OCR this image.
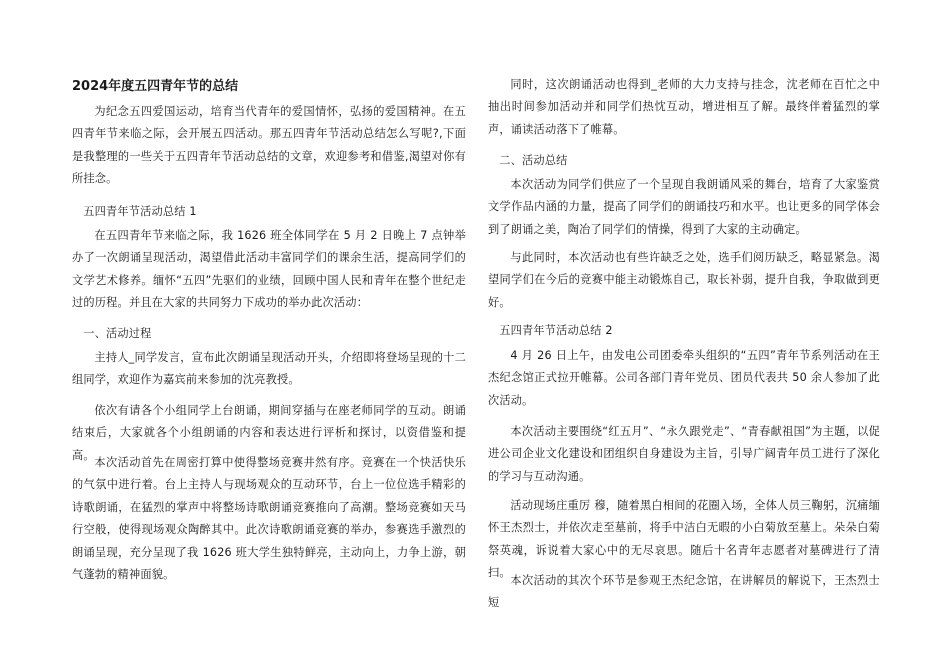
2024年度五四青年节的总结

为纪念五四爱国运动，培育当代青年的爱国情怀，弘扬的爱国精神。在五四青年节来临之际，会开展五四活动。那五四青年节活动总结怎么写呢?,下面是我整理的一些关于五四青年节活动总结的文章，欢迎参考和借鉴,渴望对你有所挂念。

五四青年节活动总结 1

在五四青年节来临之际，我 1626 班全体同学在 5 月 2 日晚上 7 点钟举办了一次朗诵呈现活动，渴望借此活动丰富同学们的课余生活，提高同学们的文学艺术修养。缅怀“五四”先驱们的业绩，回顾中国人民和青年在整个世纪走过的历程。并且在大家的共同努力下成功的举办此次活动：

一、活动过程

主持人_同学发言，宣布此次朗诵呈现活动开头，介绍即将登场呈现的十二组同学，欢迎作为嘉宾前来参加的沈亮教授。

依次有请各个小组同学上台朗诵，期间穿插与在座老师同学的互动。朗诵结束后，大家就各个小组朗诵的内容和表达进行评析和探讨，以资借鉴和提高。

本次活动首先在周密打算中使得整场竞赛井然有序。竞赛在一个快活快乐的气氛中进行着。台上主持人与现场观众的互动环节，台上一位位选手精彩的诗歌朗诵，在猛烈的掌声中将整场诗歌朗诵竞赛推向了高潮。整场竞赛如天马行空般，使得现场观众陶醉其中。此次诗歌朗诵竞赛的举办，参赛选手激烈的朗诵呈现，充分呈现了我 1626 班大学生独特鲜亮，主动向上，力争上游，朝气蓬勃的精神面貌。

同时，这次朗诵活动也得到_老师的大力支持与挂念，沈老师在百忙之中抽出时间参加活动并和同学们热忱互动，增进相互了解。最终伴着猛烈的掌声，诵读活动落下了帷幕。

二、活动总结

本次活动为同学们供应了一个呈现自我朗诵风采的舞台，培育了大家鉴赏文学作品内涵的力量，提高了同学们的朗诵技巧和水平。也让更多的同学体会到了朗诵之美，陶冶了同学们的情操，得到了大家的主动确定。

与此同时，本次活动也有些许缺乏之处，选手们阅历缺乏，略显紧急。渴望同学们在今后的竞赛中能主动锻炼自己，取长补弱，提升自我，争取做到更好。

五四青年节活动总结 2

4 月 26 日上午，由发电公司团委牵头组织的“五四”青年节系列活动在王杰纪念馆正式拉开帷幕。公司各部门青年党员、团员代表共 50 余人参加了此次活动。

本次活动主要围绕“红五月”、“永久跟党走”、“青春献祖国”为主题，以促进公司企业文化建设和团组织自身建设为主旨，引导广阔青年员工进行了深化的学习与互动沟通。

活动现场庄重厉 穆，随着黑白相间的花圈入场，全体人员三鞠躬，沉痛缅怀王杰烈士，并依次走至墓前，将手中洁白无暇的小白菊放至墓上。朵朵白菊祭英魂，诉说着大家心中的无尽哀思。随后十名青年志愿者对墓碑进行了清扫。

本次活动的其次个环节是参观王杰纪念馆，在讲解员的解说下，王杰烈士短
